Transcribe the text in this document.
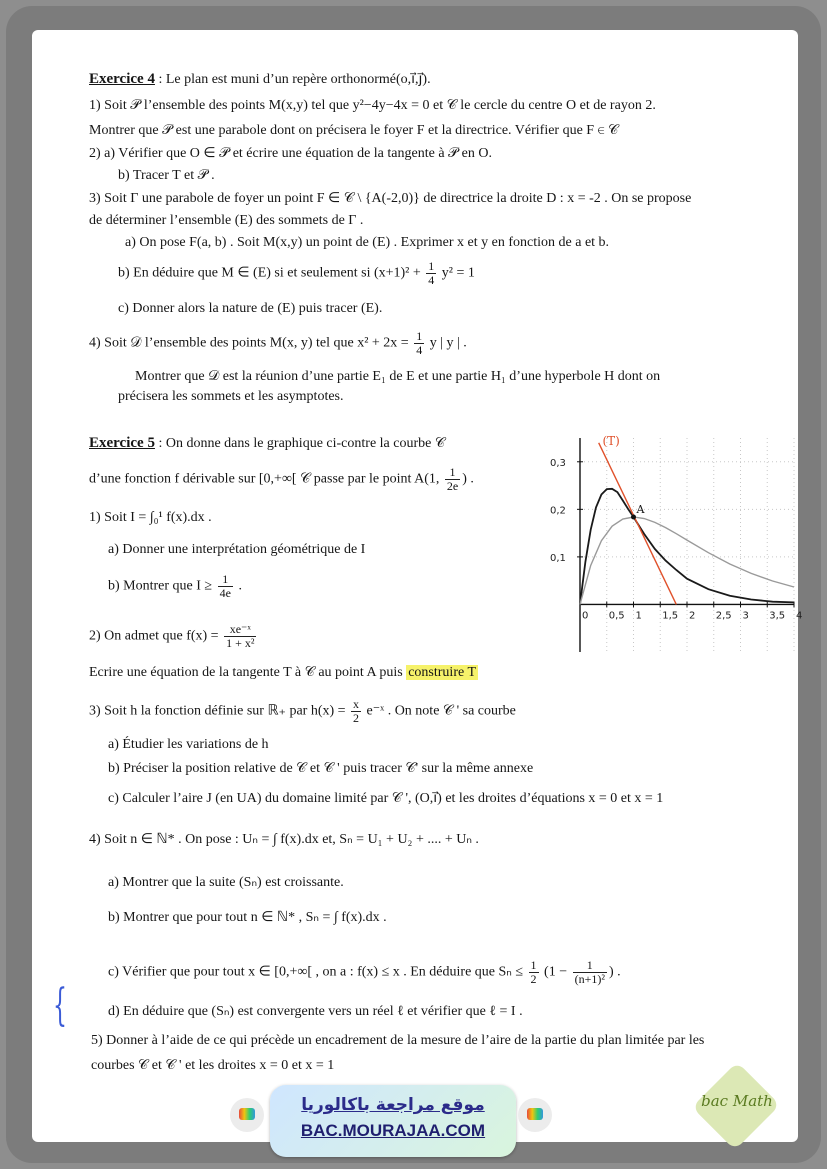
Exercice 4 : Le plan est muni d’un repère orthonormé(o,i⃗,j⃗).
1) Soit 𝒫 l’ensemble des points M(x,y) tel que y²−4y−4x = 0 et 𝒞 le cercle du centre O et de rayon 2.
Montrer que 𝒫 est une parabole dont on précisera le foyer F et la directrice. Vérifier que F ∈ 𝒞
2) a) Vérifier que O ∈ 𝒫 et écrire une équation de la tangente à 𝒫 en O.
b) Tracer T et 𝒫 .
3) Soit Γ une parabole de foyer un point F ∈ 𝒞 \ {A(-2,0)} de directrice la droite D : x = -2 . On se propose
de déterminer l’ensemble (E) des sommets de Γ .
a) On pose F(a, b) . Soit M(x,y) un point de (E) . Exprimer x et y en fonction de a et b.
b) En déduire que M ∈ (E) si et seulement si $(x+1)^2 + \frac{1}{4} y^2 = 1$
c) Donner alors la nature de (E) puis tracer (E).
4) Soit 𝒟 l’ensemble des points M(x, y) tel que $x^2 + 2x = \frac{1}{4}$ y | y | .
Montrer que 𝒟 est la réunion d’une partie E₁ de E et une partie H₁ d’une hyperbole H dont on
précisera les sommets et les asymptotes.
Exercice 5 : On donne dans le graphique ci-contre la courbe 𝒞
d’une fonction f dérivable sur [0,+∞[ 𝒞 passe par le point A(1, $\frac{1}{2e}$ ) .
1) Soit I = ∫₀¹ f(x).dx .
a) Donner une interprétation géométrique de I
b) Montrer que $I \ge \frac{1}{4e}$ .
2) On admet que $f(x) = \frac{\text{xe⁻ˣ}}{\text{1 + x²}}$
Ecrire une équation de la tangente T à 𝒞 au point A puis construire T
3) Soit h la fonction définie sur ℝ₊ par $h(x) = \frac{x}{2}$ e⁻ˣ . On note 𝒞 ' sa courbe
a) Étudier les variations de h
b) Préciser la position relative de 𝒞 et 𝒞 ' puis tracer 𝒞' sur la même annexe
c) Calculer l’aire J (en UA) du domaine limité par 𝒞 ', (O,i⃗) et les droites d’équations x = 0 et x = 1
4) Soit n ∈ ℕ* . On pose : Uₙ = ∫ f(x).dx et, Sₙ = U₁ + U₂ + .... + Uₙ .
a) Montrer que la suite (Sₙ) est croissante.
b) Montrer que pour tout n ∈ ℕ* , Sₙ = ∫ f(x).dx .
c) Vérifier que pour tout x ∈ [0,+∞[ , on a : f(x) ≤ x . En déduire que $S_n \le \frac{1}{2} (1 - \frac{1}{\text{(n+1)²}}$ ) .
d) En déduire que (Sₙ) est convergente vers un réel ℓ et vérifier que ℓ = I .
5) Donner à l’aide de ce qui précède un encadrement de la mesure de l’aire de la partie du plan limitée par les
courbes 𝒞 et 𝒞 ' et les droites x = 0 et x = 1
{
0 0,5 1 1,5 2 2,5 3 3,5 4
0,1
0,2
0,3
A
(T)
موقع مراجعة باكالوريا
BAC.MOURAJAA.COM
bac Math
